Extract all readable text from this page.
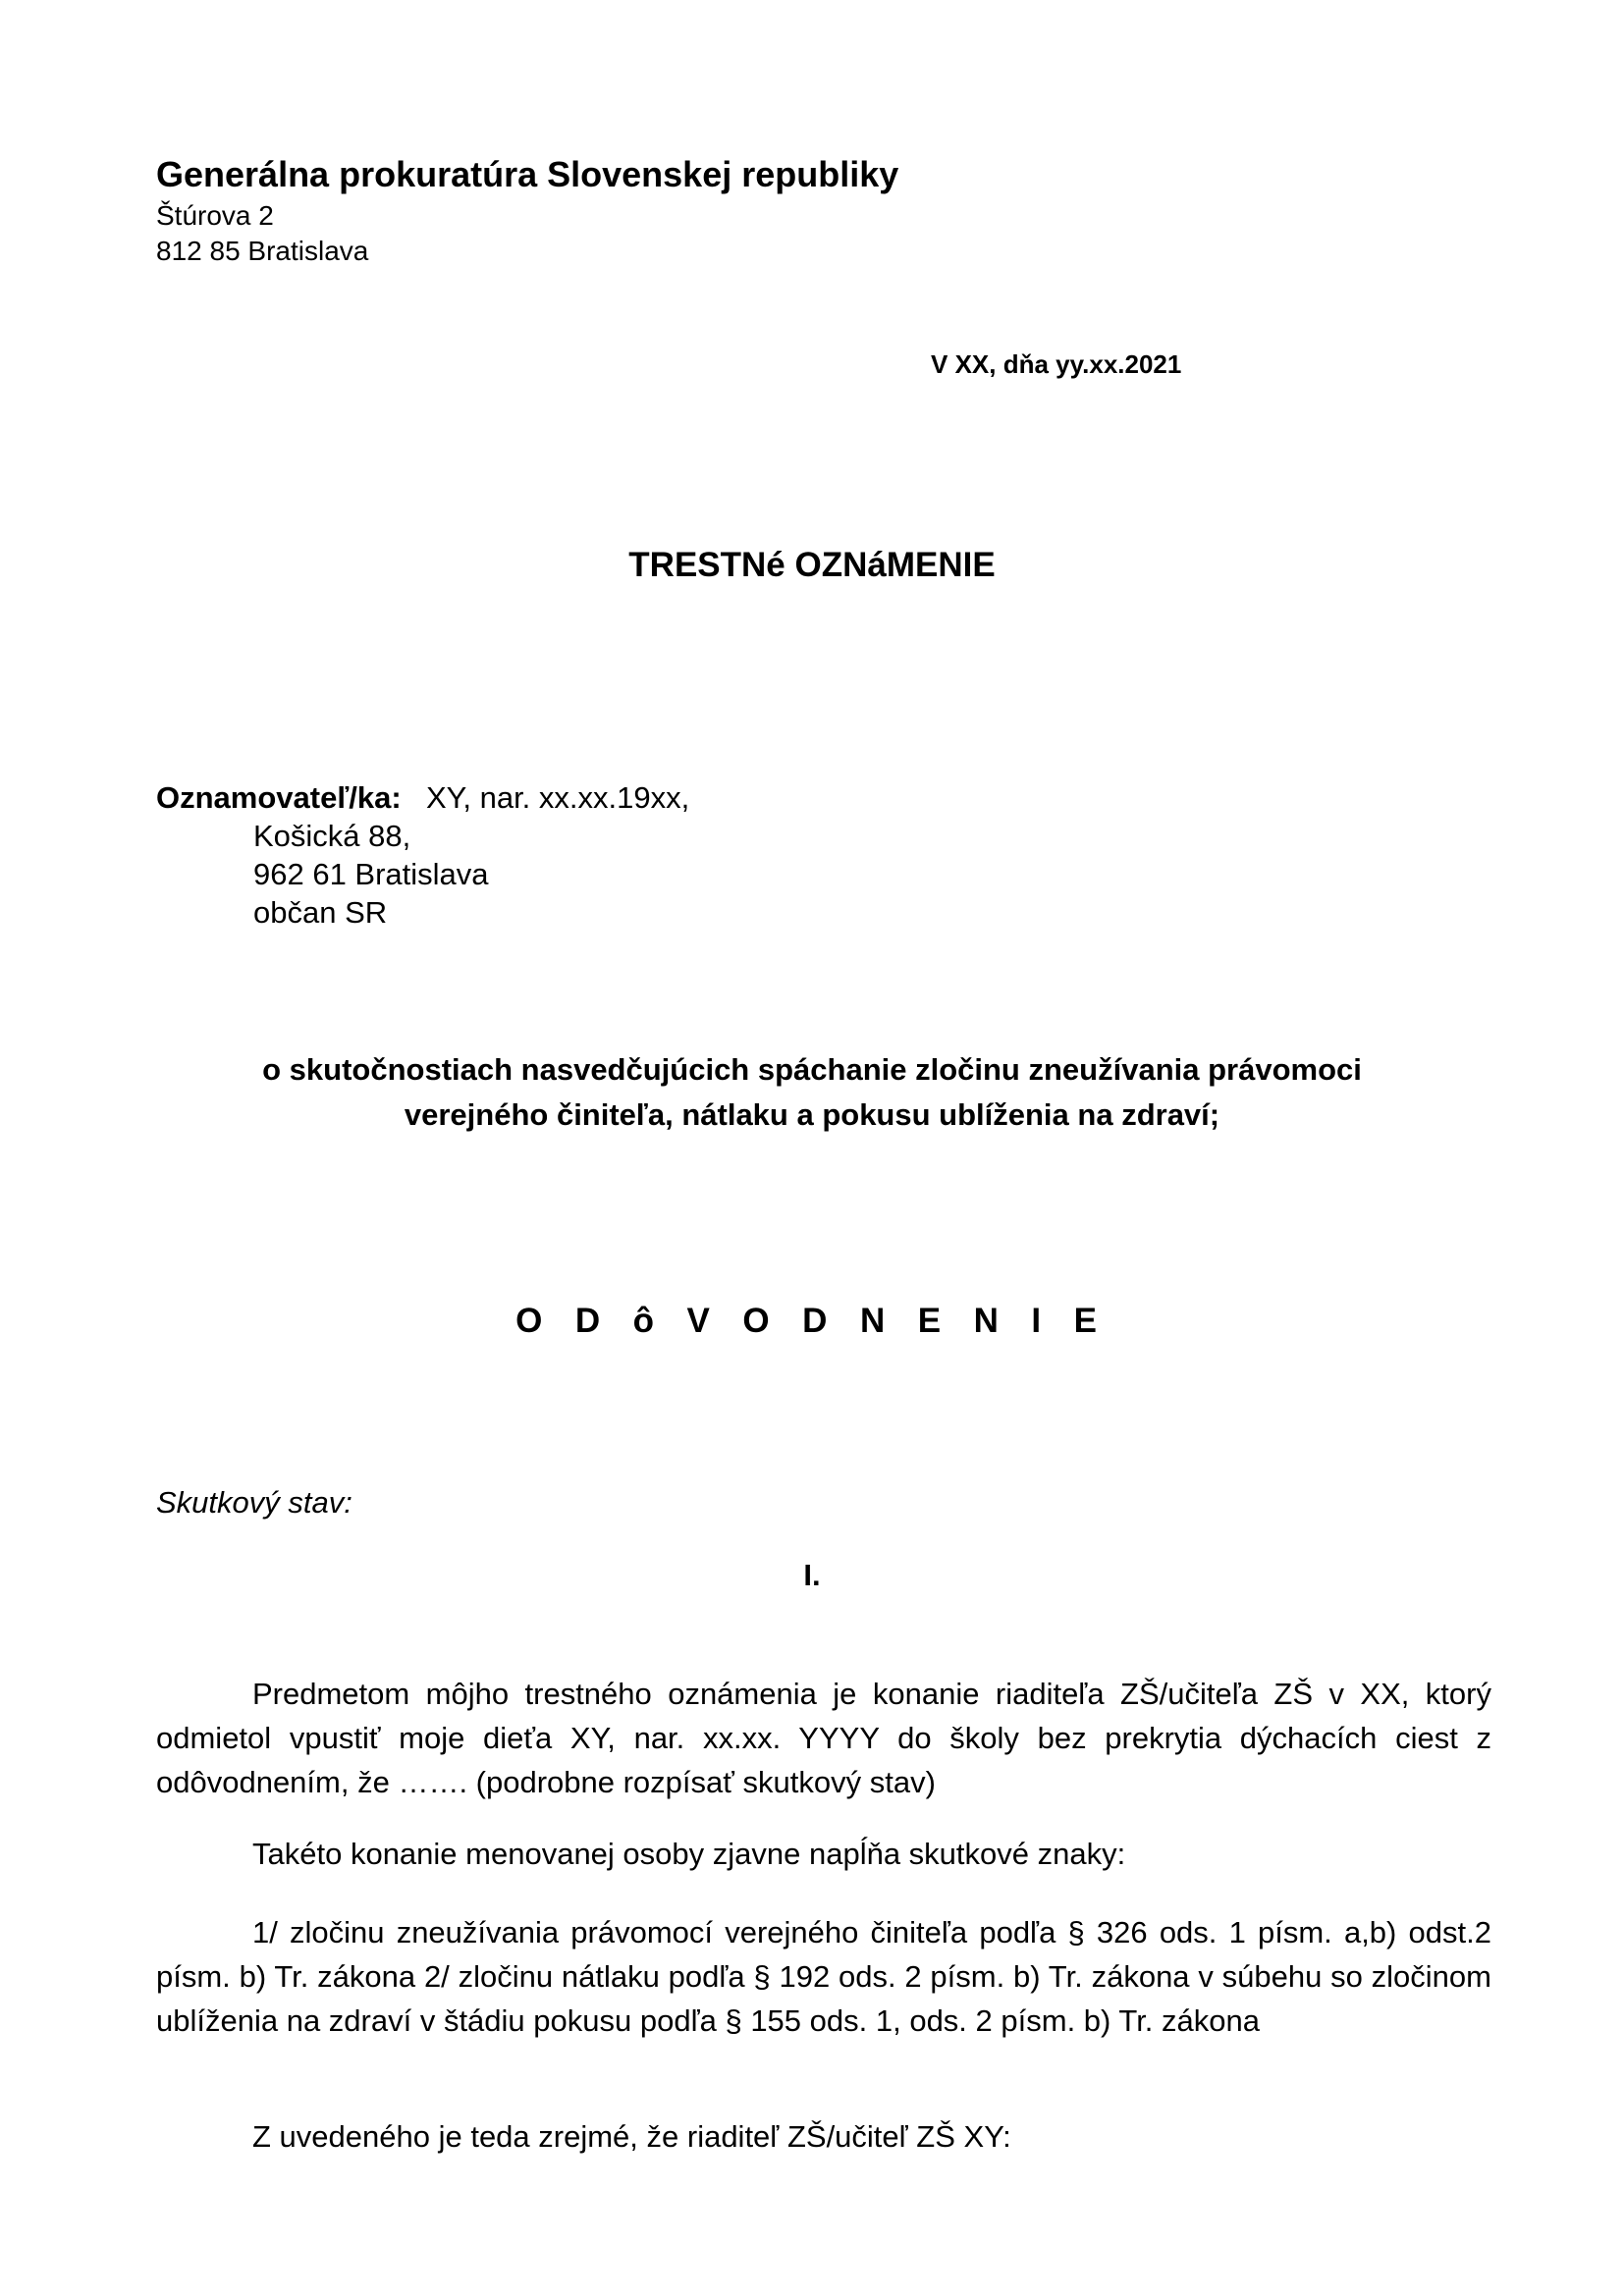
Generálna prokuratúra Slovenskej republiky
Štúrova 2
812 85 Bratislava
V XX, dňa yy.xx.2021
TRESTNé OZNáMENIE
Oznamovateľ/ka: XY, nar. xx.xx.19xx,
Košická 88,
962 61 Bratislava
občan SR
o skutočnostiach nasvedčujúcich spáchanie zločinu zneužívania právomoci
verejného činiteľa, nátlaku a pokusu ublíženia na zdraví;
O D ô V O D N E N I E
Skutkový stav:
I.

Predmetom môjho trestného oznámenia je konanie riaditeľa ZŠ/učiteľa ZŠ v XX, ktorý odmietol vpustiť moje dieťa XY, nar. xx.xx. YYYY do školy bez prekrytia dýchacích ciest z odôvodnením, že ……. (podrobne rozpísať skutkový stav)

Takéto konanie menovanej osoby zjavne napĺňa skutkové znaky:

1/ zločinu zneužívania právomocí verejného činiteľa podľa § 326 ods. 1 písm. a,b) odst.2 písm. b) Tr. zákona 2/ zločinu nátlaku podľa § 192 ods. 2 písm. b) Tr. zákona v súbehu so zločinom ublíženia na zdraví v štádiu pokusu podľa § 155 ods. 1, ods. 2 písm. b) Tr. zákona

Z uvedeného je teda zrejmé, že riaditeľ ZŠ/učiteľ ZŠ XY:
